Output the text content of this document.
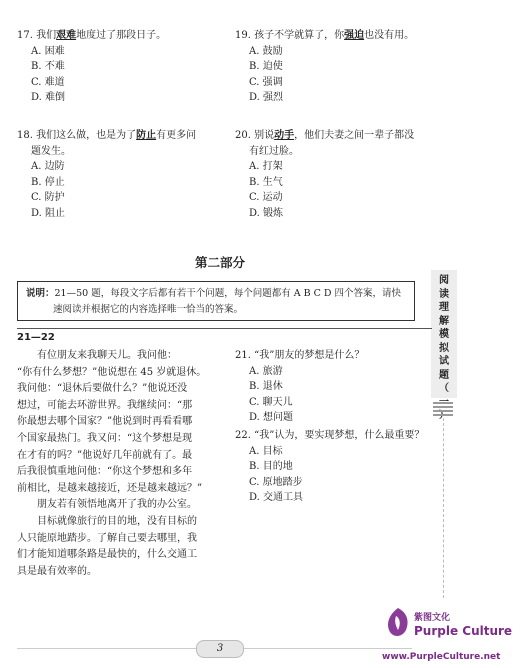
17. 我们艰难地度过了那段日子。
A. 困难
B. 不难
C. 难道
D. 难倒
19. 孩子不学就算了，你强迫也没有用。
A. 鼓励
B. 迫使
C. 强调
D. 强烈
18. 我们这么做，也是为了防止有更多问
题发生。
A. 边防
B. 停止
C. 防护
D. 阻止
20. 别说动手，他们夫妻之间一辈子都没
有红过脸。
A. 打架
B. 生气
C. 运动
D. 锻炼
第二部分
说明：21—50 题，每段文字后都有若干个问题，每个问题都有 A B C D 四个答案，请快
速阅读并根据它的内容选择唯一恰当的答案。
阅
读
理
解
模
拟
试
题
（
21—22
有位朋友来我聊天儿。我问他：
“你有什么梦想？”他说想在 45 岁就退休。
我问他：“退休后要做什么？”他说还没
想过，可能去环游世界。我继续问：“那
你最想去哪个国家？”他说到时再看看哪
个国家最热门。我又问：“这个梦想是现
在才有的吗？”他说好几年前就有了。最
后我很慎重地问他：“你这个梦想和多年
前相比，是越来越接近，还是越来越远？”
朋友若有领悟地离开了我的办公室。
目标就像旅行的目的地，没有目标的
人只能原地踏步。了解自己要去哪里，我
们才能知道哪条路是最快的，什么交通工
具是最有效率的。
21. “我”朋友的梦想是什么？
A. 旅游
B. 退休
C. 聊天儿
D. 想问题
22. “我”认为，要实现梦想，什么最重要？
A. 目标
B. 目的地
C. 原地踏步
D. 交通工具
3
紫图文化
Purple Culture
www.PurpleCulture.net
